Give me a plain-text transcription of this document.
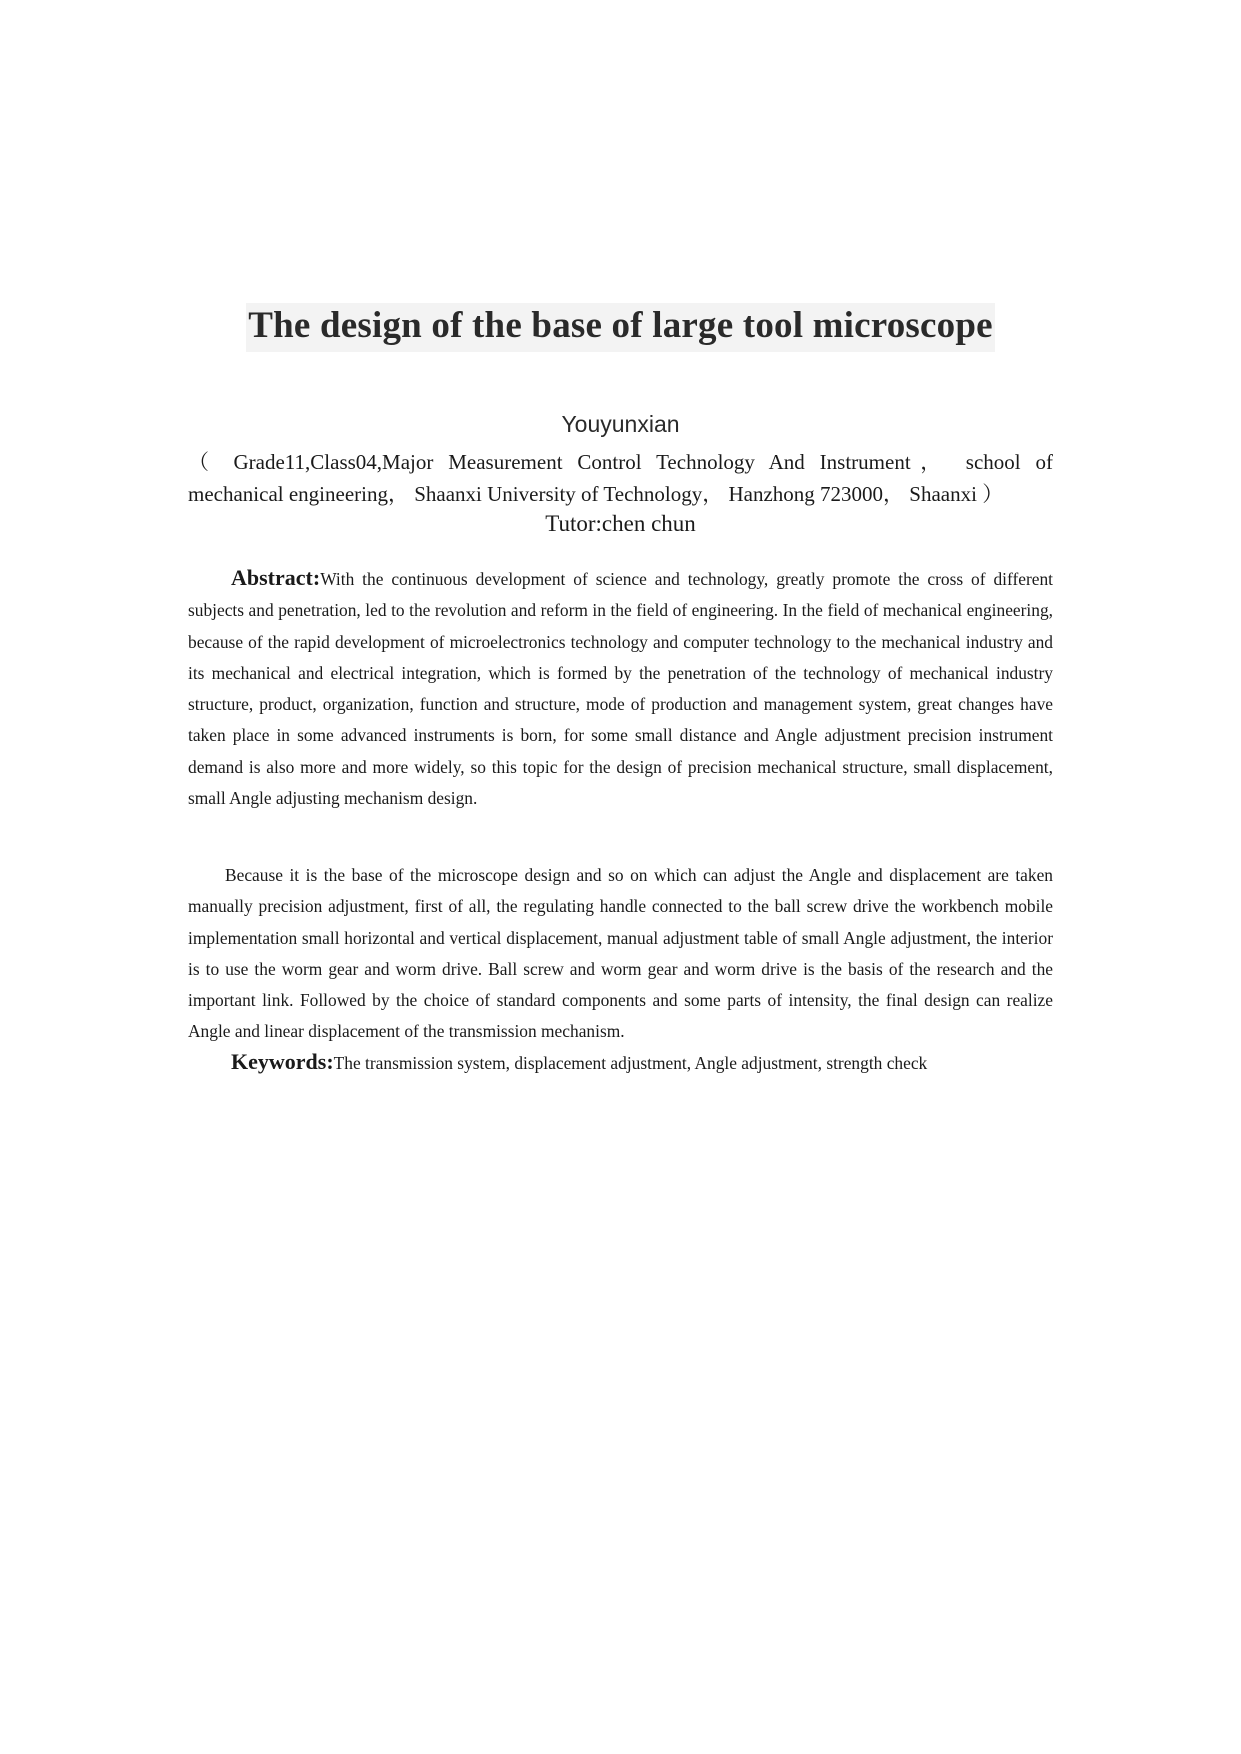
The design of the base of large tool microscope
Youyunxian
（ Grade11,Class04,Major Measurement Control Technology And Instrument， school of
mechanical engineering， Shaanxi University of Technology， Hanzhong 723000， Shaanxi ）
Tutor:chen chun

Abstract:With the continuous development of science and technology, greatly promote the cross of different subjects and penetration, led to the revolution and reform in the field of engineering. In the field of mechanical engineering, because of the rapid development of microelectronics technology and computer technology to the mechanical industry and its mechanical and electrical integration, which is formed by the penetration of the technology of mechanical industry structure, product, organization, function and structure, mode of production and management system, great changes have taken place in some advanced instruments is born, for some small distance and Angle adjustment precision instrument demand is also more and more widely, so this topic for the design of precision mechanical structure, small displacement, small Angle adjusting mechanism design.

Because it is the base of the microscope design and so on which can adjust the Angle and displacement are taken manually precision adjustment, first of all, the regulating handle connected to the ball screw drive the workbench mobile implementation small horizontal and vertical displacement, manual adjustment table of small Angle adjustment, the interior is to use the worm gear and worm drive. Ball screw and worm gear and worm drive is the basis of the research and the important link. Followed by the choice of standard components and some parts of intensity, the final design can realize Angle and linear displacement of the transmission mechanism.

Keywords:The transmission system, displacement adjustment, Angle adjustment, strength check
